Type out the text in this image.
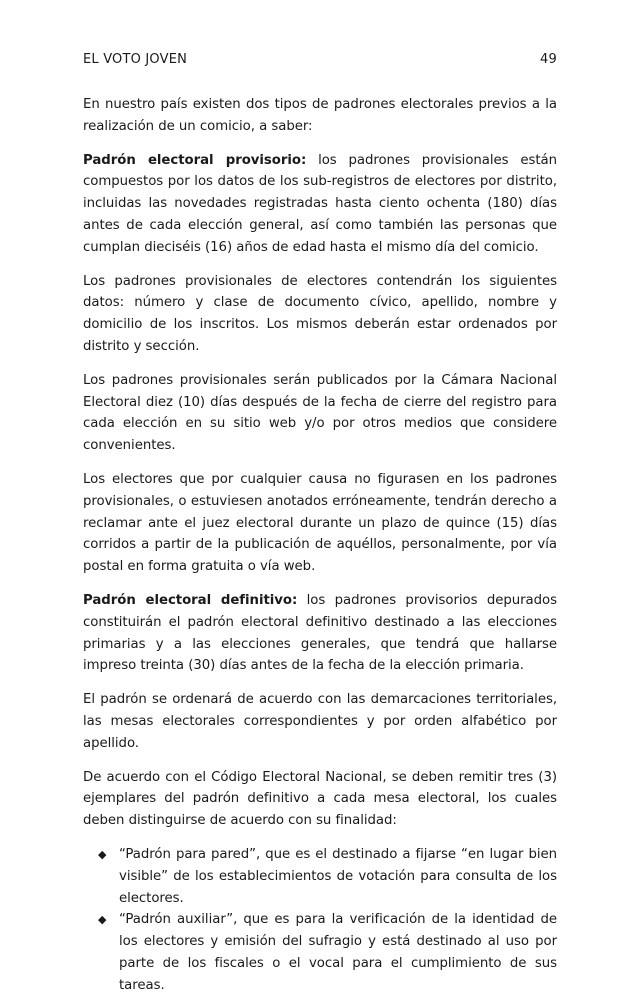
EL VOTO JOVEN	49

En nuestro país existen dos tipos de padrones electorales previos a la realización de un comicio, a saber:

Padrón electoral provisorio: los padrones provisionales están compuestos por los datos de los sub-registros de electores por distrito, incluidas las novedades registradas hasta ciento ochenta (180) días antes de cada elección general, así como también las personas que cumplan dieciséis (16) años de edad hasta el mismo día del comicio.

Los padrones provisionales de electores contendrán los siguientes datos: número y clase de documento cívico, apellido, nombre y domicilio de los inscritos. Los mismos deberán estar ordenados por distrito y sección.

Los padrones provisionales serán publicados por la Cámara Nacional Electoral diez (10) días después de la fecha de cierre del registro para cada elección en su sitio web y/o por otros medios que considere convenientes.

Los electores que por cualquier causa no figurasen en los padrones provisionales, o estuviesen anotados erróneamente, tendrán derecho a reclamar ante el juez electoral durante un plazo de quince (15) días corridos a partir de la publicación de aquéllos, personalmente, por vía postal en forma gratuita o vía web.

Padrón electoral definitivo: los padrones provisorios depurados constituirán el padrón electoral definitivo destinado a las elecciones primarias y a las elecciones generales, que tendrá que hallarse impreso treinta (30) días antes de la fecha de la elección primaria.

El padrón se ordenará de acuerdo con las demarcaciones territoriales, las mesas electorales correspondientes y por orden alfabético por apellido.

De acuerdo con el Código Electoral Nacional, se deben remitir tres (3) ejemplares del padrón definitivo a cada mesa electoral, los cuales deben distinguirse de acuerdo con su finalidad:

◆ “Padrón para pared”, que es el destinado a fijarse “en lugar bien visible” de los establecimientos de votación para consulta de los electores.
◆ “Padrón auxiliar”, que es para la verificación de la identidad de los electores y emisión del sufragio y está destinado al uso por parte de los fiscales o el vocal para el cumplimiento de sus tareas.
